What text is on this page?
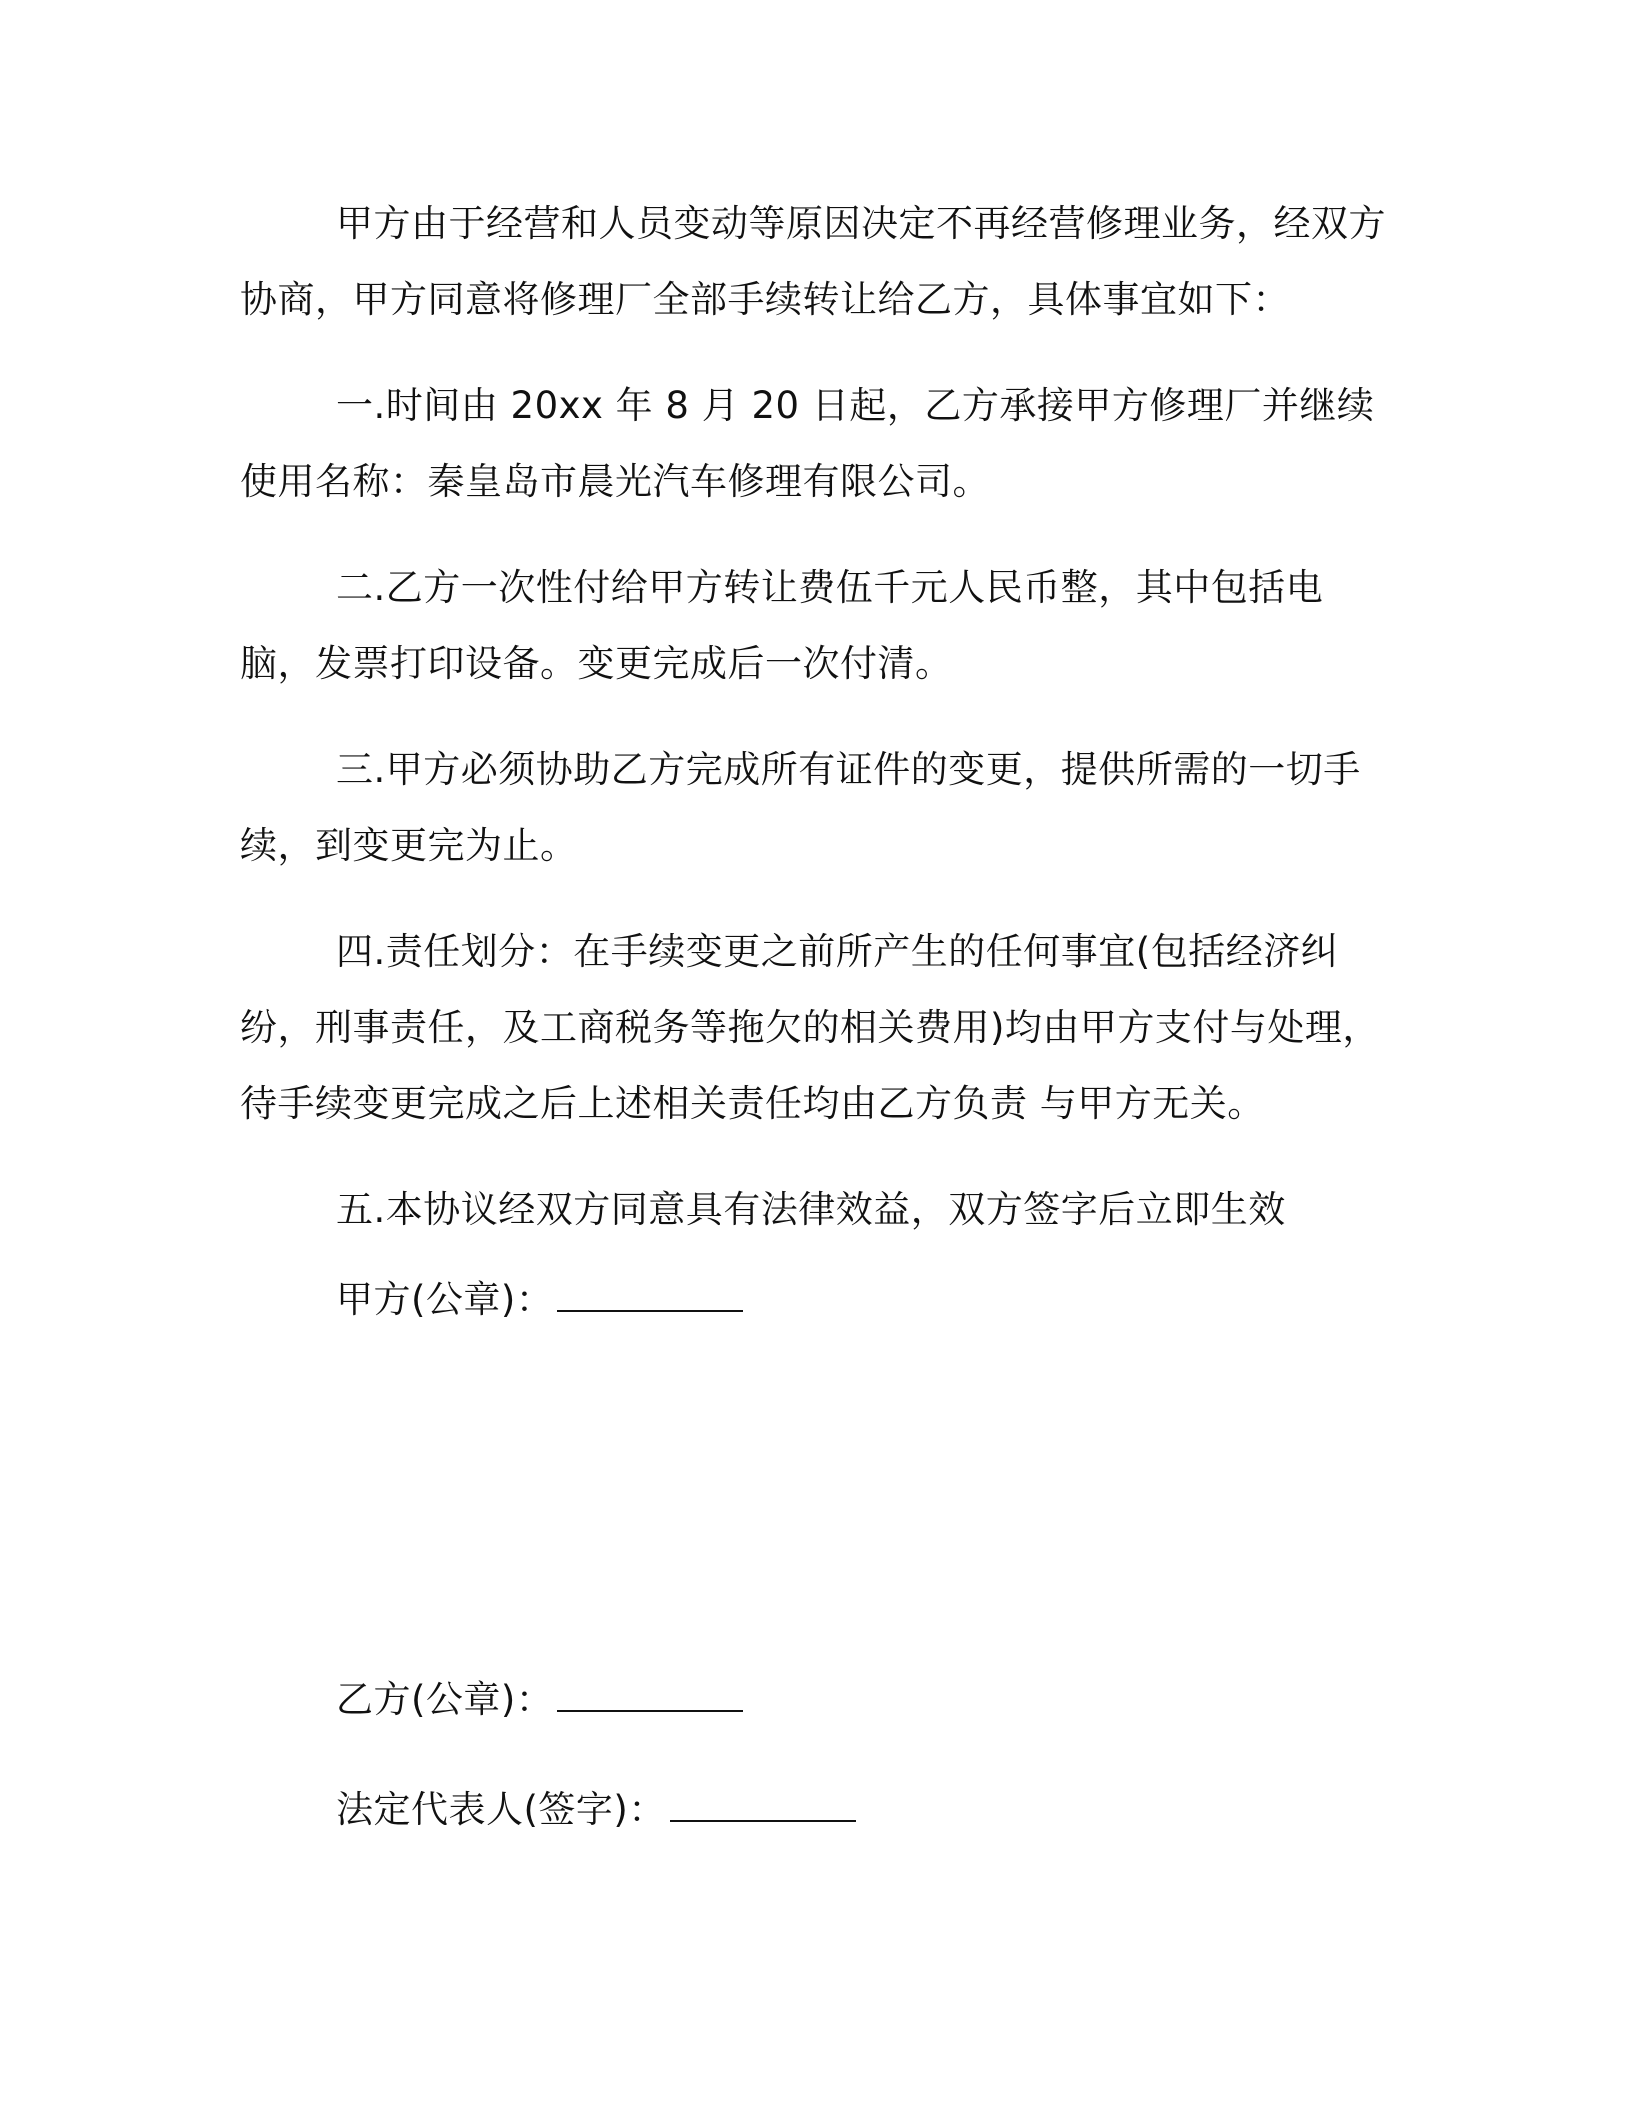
甲方由于经营和人员变动等原因决定不再经营修理业务，经双方协商，甲方同意将修理厂全部手续转让给乙方，具体事宜如下：

一.时间由 20xx 年 8 月 20 日起，乙方承接甲方修理厂并继续使用名称：秦皇岛市晨光汽车修理有限公司。

二.乙方一次性付给甲方转让费伍千元人民币整，其中包括电脑，发票打印设备。变更完成后一次付清。

三.甲方必须协助乙方完成所有证件的变更，提供所需的一切手续，到变更完为止。

四.责任划分：在手续变更之前所产生的任何事宜(包括经济纠纷，刑事责任，及工商税务等拖欠的相关费用)均由甲方支付与处理，待手续变更完成之后上述相关责任均由乙方负责 与甲方无关。

五.本协议经双方同意具有法律效益，双方签字后立即生效

甲方(公章)：
乙方(公章)：
法定代表人(签字)：
